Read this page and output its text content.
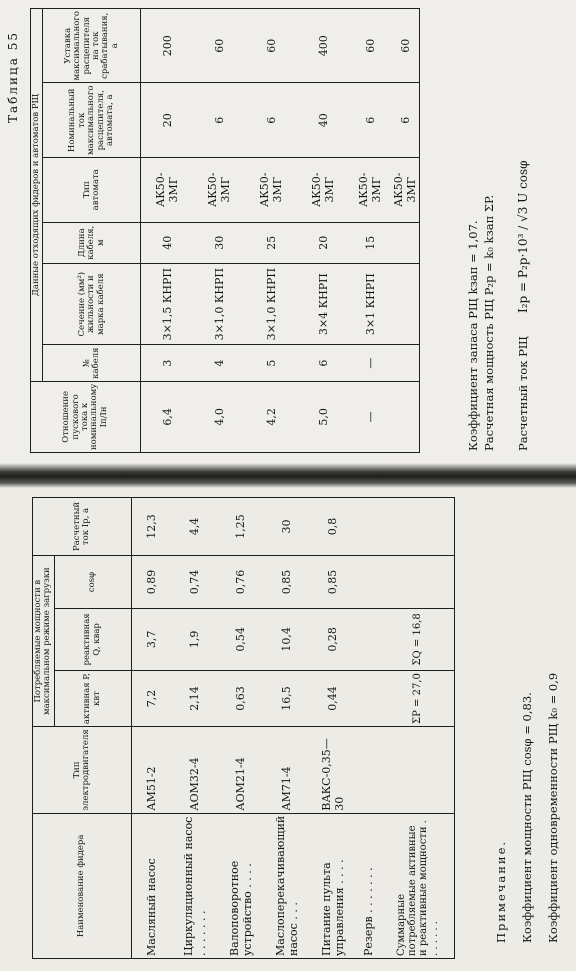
Таблица 55
Отношение пускового тока к номинальному Iп/Iн	Данные отходящих фидеров и автоматов РЩ					
	№ кабеля	Сечение (мм²) жильности и марка кабеля	Длина кабеля, м	Тип автомата	Номинальный ток максимального расцепителя, автомата, а	Уставка максимального расцепителя на ток срабатывания, а
6,4	3	3×1,5 КНРП	40	АК50-3МГ	20	200
4,0	4	3×1,0 КНРП	30	АК50-3МГ	6	60
4,2	5	3×1,0 КНРП	25	АК50-3МГ	6	60
5,0	6	3×4 КНРП	20	АК50-3МГ	40	400
—	—	3×1 КНРП	15	АК50-3МГ	6	60
				АК50-3МГ	6	60
Коэффициент запаса РЩ kзап = 1,07. Расчетная мощность РЩ P₂p = k₀ kзап ΣP. Расчетный ток РЩ
I₂p = P₂p·10³ / √3 U cosφ
Наименование фидера	Тип электродвигателя	Потребляемые мощности в максимальном режиме загрузки			Расчетный ток Iр, а
		активная P, квт	реактивная Q, квар	cosφ	
Масляный насос	АМ51-2	7,2	3,7	0,89	12,3
Циркуляционный насос . . . . . . .	АОМ32-4	2,14	1,9	0,74	4,4
Валоповоротное устройство . . . .	АОМ21-4	0,63	0,54	0,76	1,25
Маслоперекачивающий насос . . .	АМ71-4	16,5	10,4	0,85	30
Питание пульта управления . . . .	ВАКС-0,35—30	0,44	0,28	0,85	0,8
Резерв . . . . . . .					
Суммарные потребляемые активные и реактивные мощности . . . . . . .		ΣP = 27,0	ΣQ = 16,8		
Примечание. Коэффициент мощности РЩ cosφ = 0,83. Коэффициент одновременности РЩ k₀ = 0,9
